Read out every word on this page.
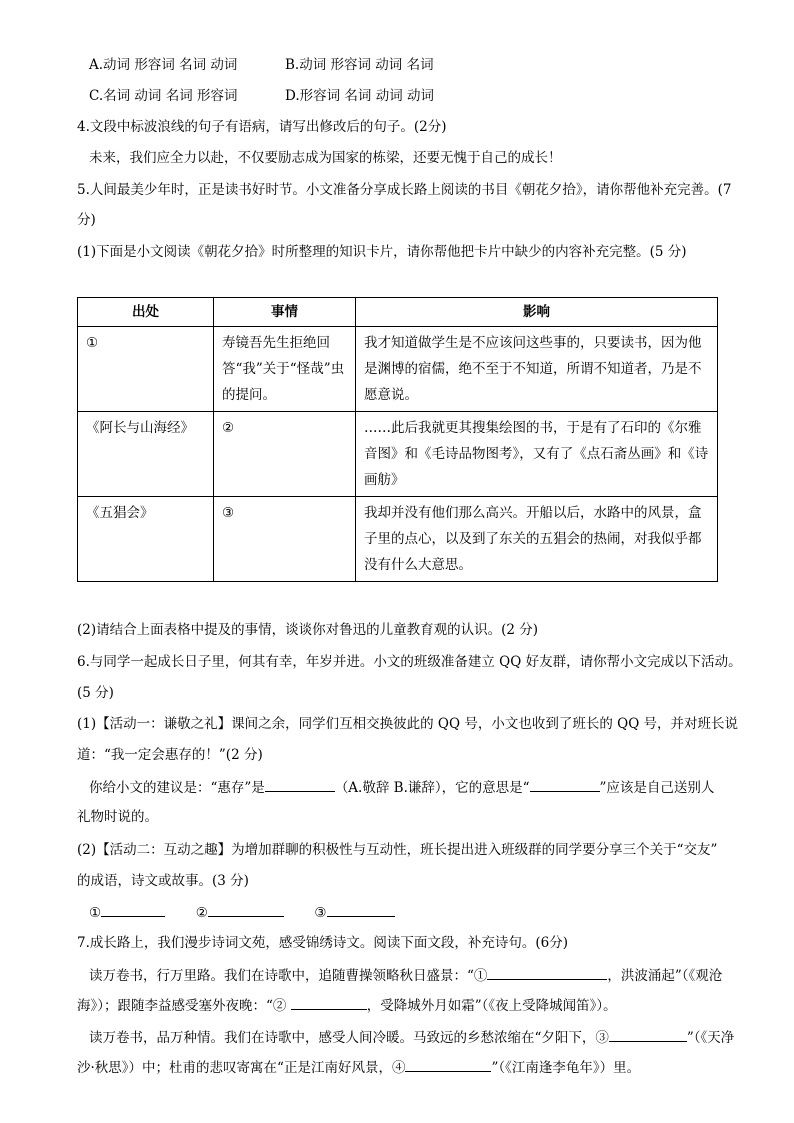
A.动词 形容词 名词 动词	B.动词 形容词 动词 名词
C.名词 动词 名词 形容词	D.形容词 名词 动词 动词
4.文段中标波浪线的句子有语病，请写出修改后的句子。(2分)
未来，我们应全力以赴，不仅要励志成为国家的栋梁，还要无愧于自己的成长！
5.人间最美少年时，正是读书好时节。小文准备分享成长路上阅读的书目《朝花夕拾》，请你帮他补充完善。(7
分)
(1)下面是小文阅读《朝花夕拾》时所整理的知识卡片，请你帮他把卡片中缺少的内容补充完整。(5 分)
出处	事情	影响
①	寿镜吾先生拒绝回答“我”关于“怪哉”虫的提问。	我才知道做学生是不应该问这些事的，只要读书，因为他是渊博的宿儒，绝不至于不知道，所谓不知道者，乃是不愿意说。
《阿长与山海经》	②	……此后我就更其搜集绘图的书，于是有了石印的《尔雅音图》和《毛诗品物图考》，又有了《点石斋丛画》和《诗画舫》
《五猖会》	③	我却并没有他们那么高兴。开船以后，水路中的风景，盒子里的点心，以及到了东关的五猖会的热闹，对我似乎都没有什么大意思。
(2)请结合上面表格中提及的事情，谈谈你对鲁迅的儿童教育观的认识。(2 分)
6.与同学一起成长日子里，何其有幸，年岁并进。小文的班级准备建立 QQ 好友群，请你帮小文完成以下活动。
(5 分)
(1)【活动一：谦敬之礼】课间之余，同学们互相交换彼此的 QQ 号，小文也收到了班长的 QQ 号，并对班长说
道：“我一定会惠存的！”(2 分)
你给小文的建议是：“惠存”是	（A.敬辞 B.谦辞），它的意思是“	”应该是自己送别人
礼物时说的。
(2)【活动二：互动之趣】为增加群聊的积极性与互动性，班长提出进入班级群的同学要分享三个关于“交友”
的成语，诗文或故事。(3 分)
①	②	③
7.成长路上，我们漫步诗词文苑，感受锦绣诗文。阅读下面文段，补充诗句。(6分)
读万卷书，行万里路。我们在诗歌中，追随曹操领略秋日盛景：“①	，洪波涌起”（《观沧
海》）；跟随李益感受塞外夜晚：“②	，受降城外月如霜”（《夜上受降城闻笛》）。
读万卷书，品万种情。我们在诗歌中，感受人间冷暖。马致远的乡愁浓缩在“夕阳下，③	”（《天净
沙·秋思》）中；杜甫的悲叹寄寓在“正是江南好风景，④	”（《江南逢李龟年》）里。
